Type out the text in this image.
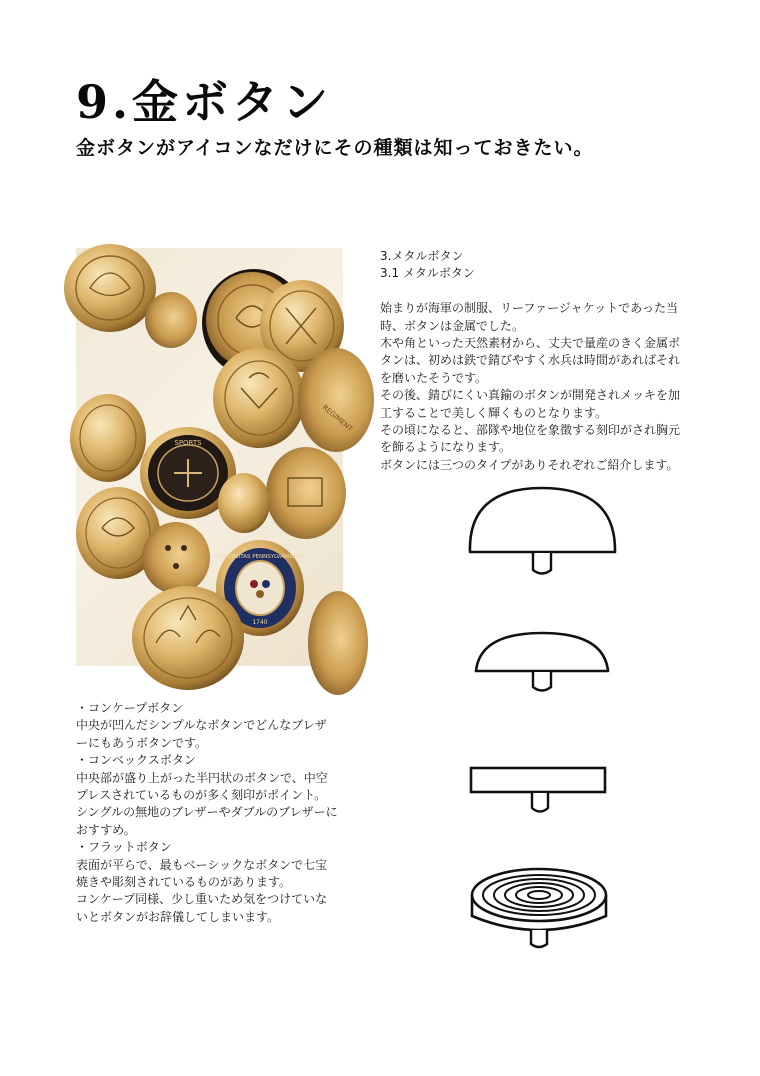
9.金ボタン
金ボタンがアイコンなだけにその種類は知っておきたい。
SPORTS
UNIVERSITAS PENNSYLVANIENSIS
1740
REGIMENT

3.メタルボタン

3.1 メタルボタン

始まりが海軍の制服、リーファージャケットであった当時、ボタンは金属でした。

木や角といった天然素材から、丈夫で量産のきく金属ボタンは、初めは鉄で錆びやすく水兵は時間があればそれを磨いたそうです。

その後、錆びにくい真鍮のボタンが開発されメッキを加工することで美しく輝くものとなります。

その頃になると、部隊や地位を象徴する刻印がされ胸元を飾るようになります。

ボタンには三つのタイプがありそれぞれご紹介します。

・コンケープボタン

中央が凹んだシンプルなボタンでどんなブレザーにもあうボタンです。

・コンベックスボタン

中央部が盛り上がった半円状のボタンで、中空プレスされているものが多く刻印がポイント。

シングルの無地のブレザーやダブルのブレザーにおすすめ。

・フラットボタン

表面が平らで、最もベーシックなボタンで七宝焼きや彫刻されているものがあります。

コンケープ同様、少し重いため気をつけていないとボタンがお辞儀してしまいます。
